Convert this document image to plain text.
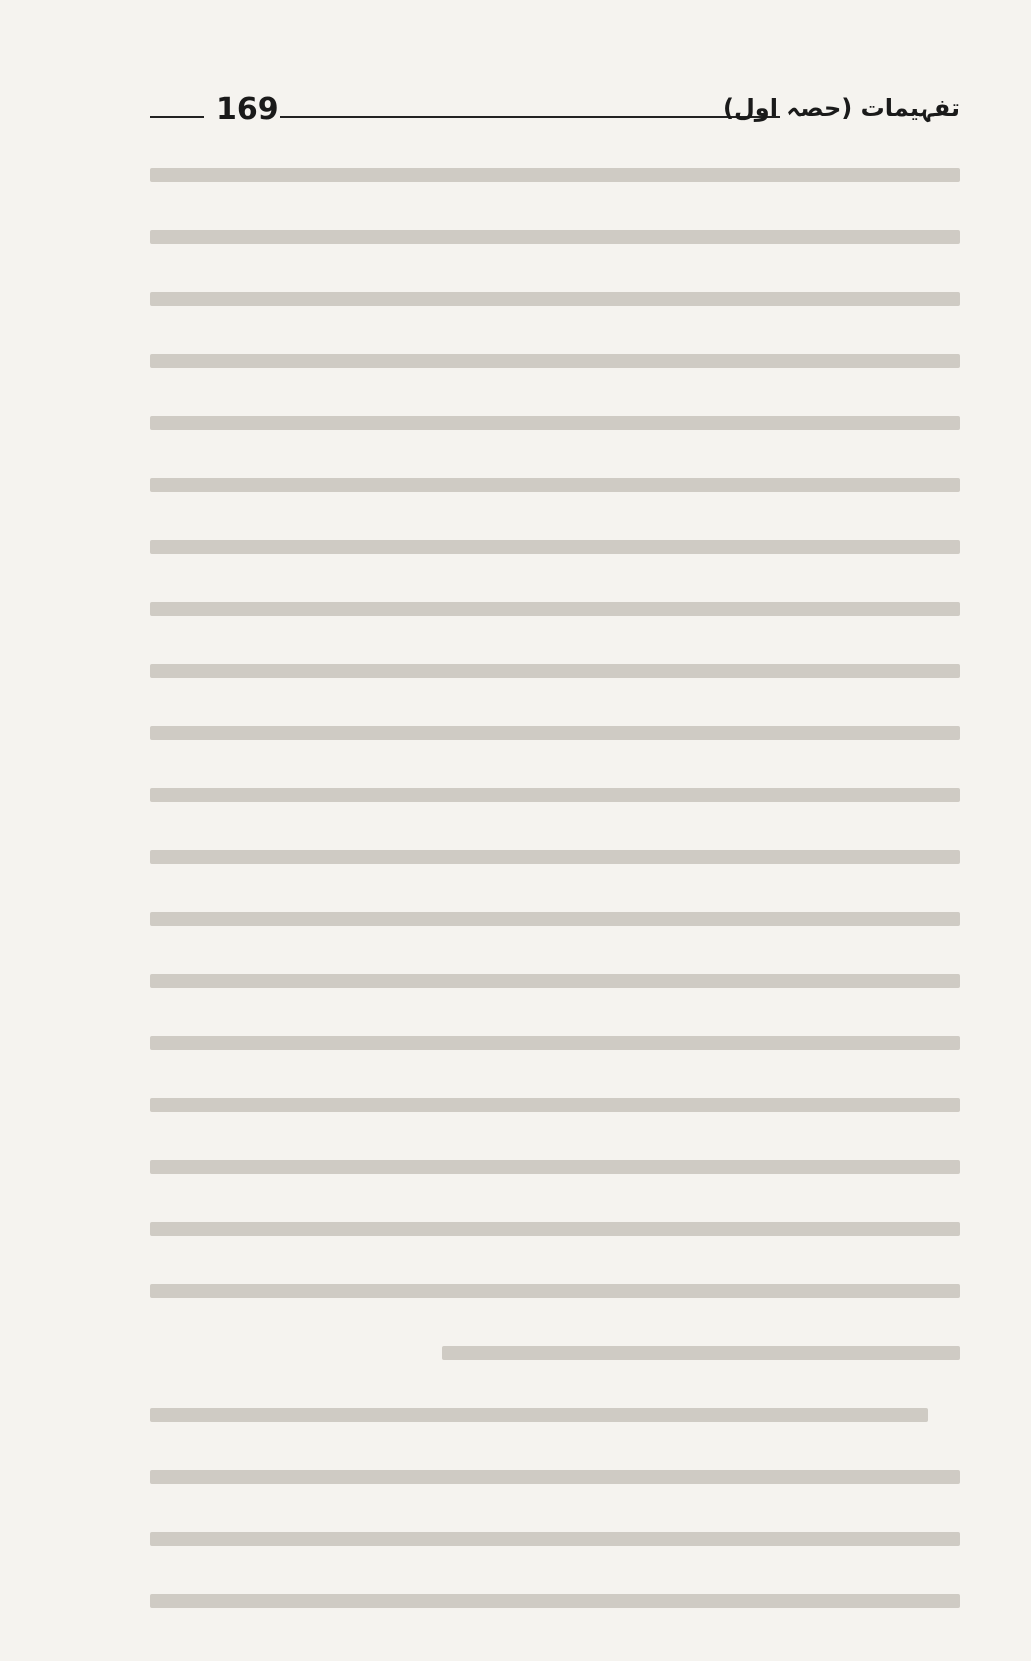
169	تفہیمات (حصہ اول)
